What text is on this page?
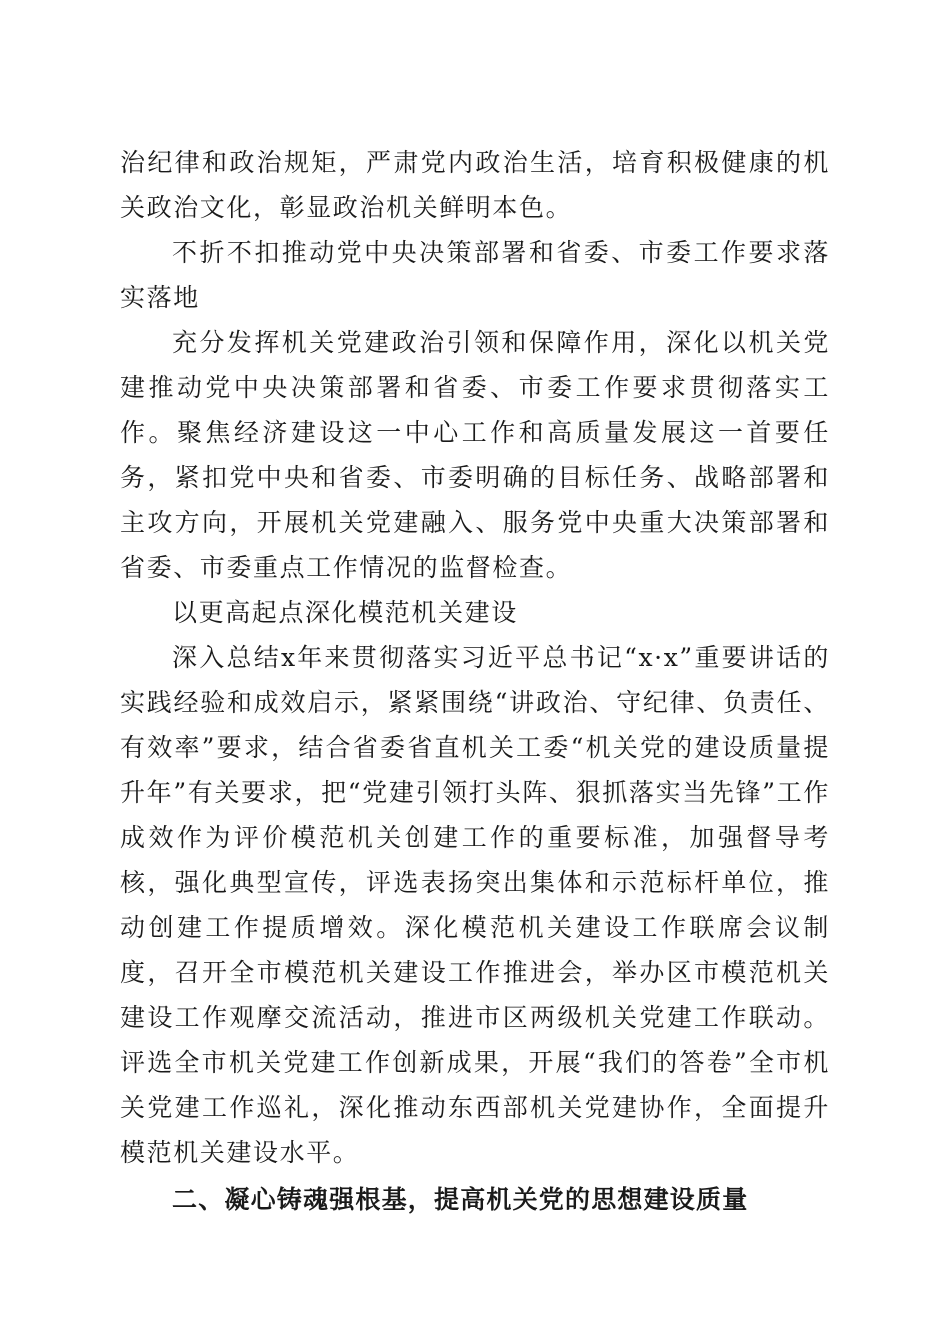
治纪律和政治规矩，严肃党内政治生活，培育积极健康的机关政治文化，彰显政治机关鲜明本色。

不折不扣推动党中央决策部署和省委、市委工作要求落实落地

充分发挥机关党建政治引领和保障作用，深化以机关党建推动党中央决策部署和省委、市委工作要求贯彻落实工作。聚焦经济建设这一中心工作和高质量发展这一首要任务，紧扣党中央和省委、市委明确的目标任务、战略部署和主攻方向，开展机关党建融入、服务党中央重大决策部署和省委、市委重点工作情况的监督检查。

以更高起点深化模范机关建设

深入总结x年来贯彻落实习近平总书记“x·x”重要讲话的实践经验和成效启示，紧紧围绕“讲政治、守纪律、负责任、有效率”要求，结合省委省直机关工委“机关党的建设质量提升年”有关要求，把“党建引领打头阵、狠抓落实当先锋”工作成效作为评价模范机关创建工作的重要标准，加强督导考核，强化典型宣传，评选表扬突出集体和示范标杆单位，推动创建工作提质增效。深化模范机关建设工作联席会议制度，召开全市模范机关建设工作推进会，举办区市模范机关建设工作观摩交流活动，推进市区两级机关党建工作联动。评选全市机关党建工作创新成果，开展“我们的答卷”全市机关党建工作巡礼，深化推动东西部机关党建协作，全面提升模范机关建设水平。

二、凝心铸魂强根基，提高机关党的思想建设质量
